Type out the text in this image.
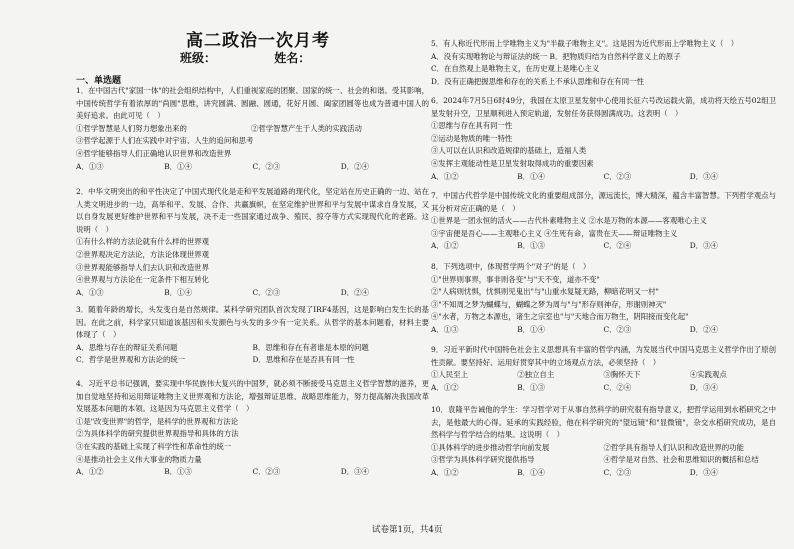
高二政治一次月考
班级：	姓名：
一、单选题
1．在中国古代"家国一体"的社会组织结构中，人们重视家庭的团聚、国家的统一、社会的和谐。受其影响，中国传统哲学有着浓厚的"尚圆"思维，讲究圆满、圆融、圆通，花好月圆、阖家团圆等也成为普通中国人的美好追求。由此可见（　）
①哲学智慧是人们努力想象出来的	②哲学智慧产生于人类的实践活动
③哲学起源于人们在实践中对宇宙、人生的追问和思考
④哲学能够指导人们正确地认识世界和改造世界
A．①③	B．①④	C．②③	D．②④
2．中华文明突出的和平性决定了中国式现代化是走和平发展道路的现代化，坚定站在历史正确的一边、站在人类文明进步的一边，高举和平、发展、合作、共赢旗帜，在坚定维护世界和平与发展中谋求自身发展，又以自身发展更好维护世界和平与发展，决不走一些国家通过战争、殖民、掠夺等方式实现现代化的老路。这说明（　）
①有什么样的方法论就有什么样的世界观
②世界观决定方法论，方法论体现世界观
③世界观能够指导人们去认识和改造世界
④世界观与方法论在一定条件下相互转化
A．①③	B．①④	C．②③	D．②④
3．随着年龄的增长，头发变白是自然规律。某科学研究团队首次发现了IRF4基因，这是影响白发生长的基因。在此之前，科学家只知道该基因和头发颜色与头发的多少有一定关系。从哲学的基本问题看，材料主要体现了（　）
A．思维与存在的辩证关系问题	B．思维和存在有者谁是本原的问题
C．哲学是世界观和方法论的统一	D．思维和存在是否具有同一性
4．习近平总书记强调，要实现中华民族伟大复兴的中国梦，就必须不断接受马克思主义哲学智慧的滋养，更加自觉地坚持和运用辩证唯物主义世界观和方法论，增强辩证思维、战略思维能力，努力提高解决我国改革发展基本问题的本领。这是因为马克思主义哲学（　）
①是"改变世界"的哲学，是科学的世界观和方法论
②为具体科学的研究提供世界观指导和具体的方法
③在实践的基础上实现了科学性和革命性的统一
④是推动社会主义伟大事业的物质力量
A．①②	B．①③	C．②③	D．③④
5．有人称近代形而上学唯物主义为"半截子唯物主义"。这是因为近代形而上学唯物主义（　）
A．没有实现唯物论与辩证法的统一 B．把物质归结为自然科学意义上的原子
C．在自然观上是唯物主义，在历史观上是唯心主义
D．没有正确把握思维和存在的关系上不承认思维和存在有同一性
6．2024年7月5日6时49分，我国在太原卫星发射中心使用长征六号改运载火箭，成功将天绘五号02组卫星发射升空，卫星顺利进入预定轨道，发射任务获得圆满成功。这表明（　）
①思维与存在具有同一性
②运动是物质的唯一特性
③人可以在认识和改造规律的基础上，造福人类
④发挥主观能动性是卫星发射取得成功的重要因素
A．①②	B．①④	C．②③	D．③④
7．中国古代哲学是中国传统文化的重要组成部分，源远流长，博大精深，蕴含丰富智慧。下列哲学观点与其分析对应正确的是（　）
①世界是一团永恒的活火——古代朴素唯物主义 ②水是万物的本源——客观唯心主义
③宇宙便是吾心——主观唯心主义 ④生死有命，富贵在天——辩证唯物主义
A．①②	B．①③	C．②④	D．③④
8．下列选项中，体现哲学两个"对子"的是（　）
①"世界则事界，事非则各变"与"天不变，道亦不变"
②"人病则忧惧，忧惧则见鬼出"与"山重水复疑无路，柳暗花明又一村"
③"不知周之梦为蝴蝶与，蝴蝶之梦为周与"与"形存则神存，形谢则神灭"
④"水者，万物之本源也，诸生之宗室也"与"天地合而万物生，阴阳接而变化起"
A．①③	B．①④	C．②③	D．②④
9．习近平新时代中国特色社会主义思想具有丰富的哲学内涵，为发展当代中国马克思主义哲学作出了原创性贡献。要坚持好、运用好贯穿其中的立场观点方法，必须坚持（　）
①人民至上	②独立自主	③胸怀天下	④实践观点
A．①②	B．①③	C．②④	D．③④
10．袁隆平告诫他的学生：学习哲学对于从事自然科学的研究很有指导意义，把哲学运用到水稻研究之中去，是他最大的心得。延承的实践经验，他在科学研究的"望远镜"和"显微镜"，杂交水稻研究成功，是自然科学与哲学结合的结果。这说明（　）
①具体科学的进步推动哲学向前发展	②哲学具有指导人们认识和改造世界的功能
③哲学为具体科学研究提供指导	④哲学是对自然、社会和思维知识的概括和总结
A．①②	B．①④	C．②③	D．③④
试卷第1页，共4页
